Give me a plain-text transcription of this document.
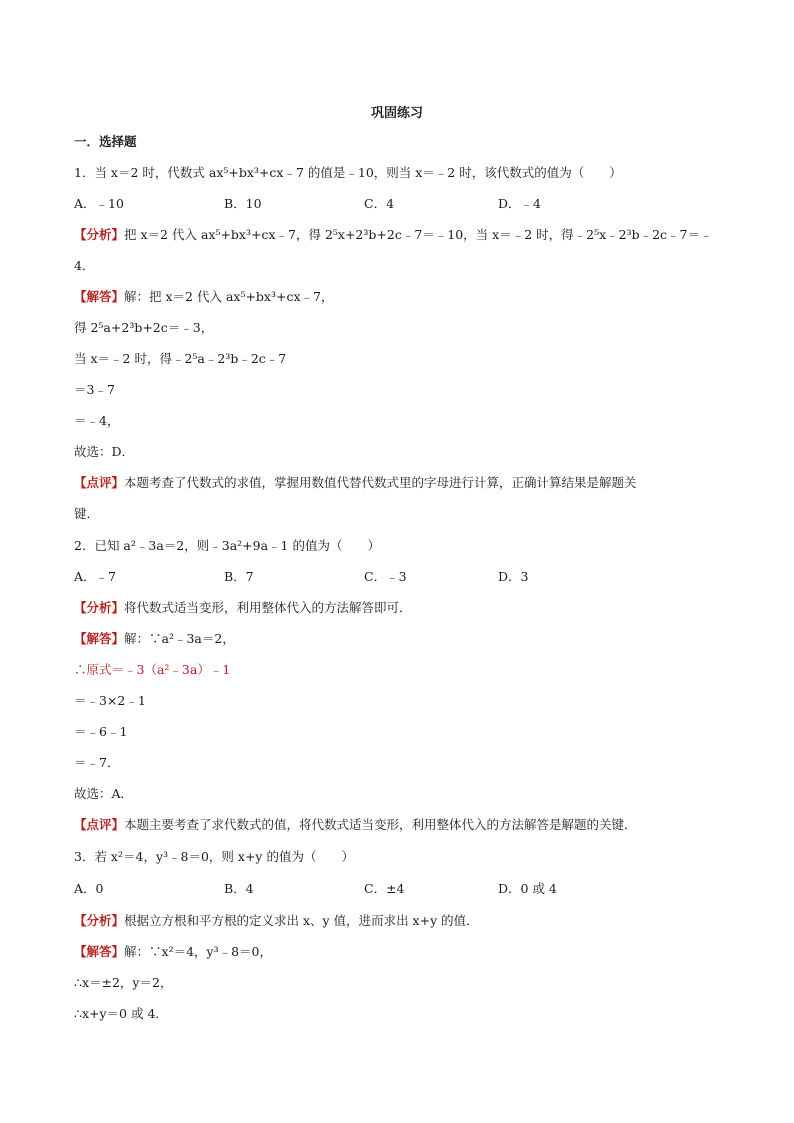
巩固练习
一．选择题
1．当 x＝2 时，代数式 ax⁵+bx³+cx﹣7 的值是﹣10，则当 x＝﹣2 时，该代数式的值为（　　）
A．﹣10	B．10	C．4	D．﹣4
【分析】把 x＝2 代入 ax⁵+bx³+cx﹣7，得 2⁵x+2³b+2c﹣7＝﹣10，当 x＝﹣2 时，得﹣2⁵x﹣2³b﹣2c﹣7＝﹣
4．
【解答】解：把 x＝2 代入 ax⁵+bx³+cx﹣7，
得 2⁵a+2³b+2c＝﹣3，
当 x＝﹣2 时，得﹣2⁵a﹣2³b﹣2c﹣7
＝3﹣7
＝﹣4，
故选：D．
【点评】本题考查了代数式的求值，掌握用数值代替代数式里的字母进行计算，正确计算结果是解题关
键．
2．已知 a²﹣3a＝2，则﹣3a²+9a﹣1 的值为（　　）
A．﹣7	B．7	C．﹣3	D．3
【分析】将代数式适当变形，利用整体代入的方法解答即可．
【解答】解：∵a²﹣3a＝2，
∴原式＝﹣3（a²﹣3a）﹣1
＝﹣3×2﹣1
＝﹣6﹣1
＝﹣7．
故选：A．
【点评】本题主要考查了求代数式的值，将代数式适当变形，利用整体代入的方法解答是解题的关键．
3．若 x²＝4，y³﹣8＝0，则 x+y 的值为（　　）
A．0	B．4	C．±4	D．0 或 4
【分析】根据立方根和平方根的定义求出 x、y 值，进而求出 x+y 的值．
【解答】解：∵x²＝4，y³﹣8＝0，
∴x＝±2，y＝2，
∴x+y＝0 或 4．
